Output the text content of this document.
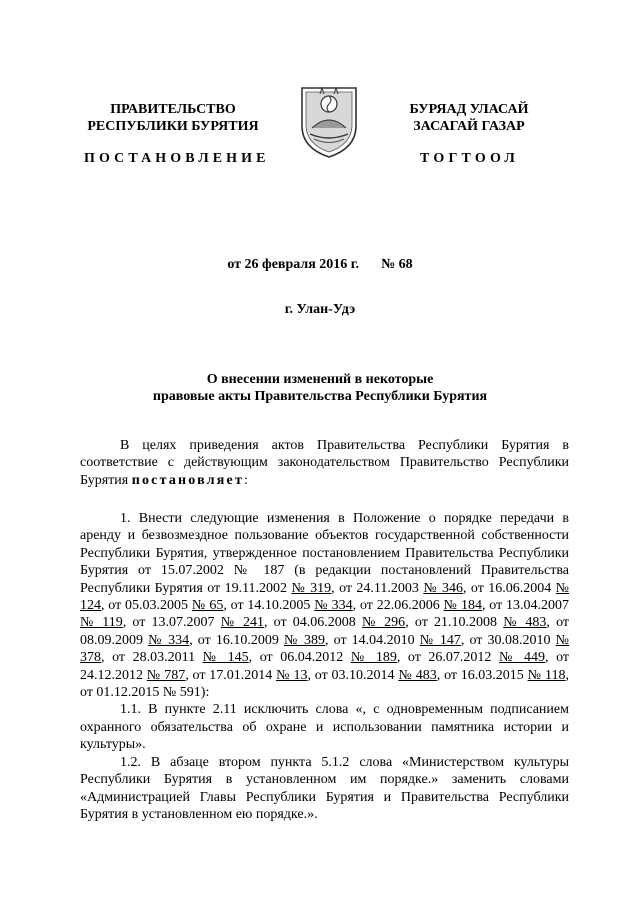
ПРАВИТЕЛЬСТВО
РЕСПУБЛИКИ БУРЯТИЯ
БУРЯАД УЛАСАЙ
ЗАСАГАЙ ГАЗАР
ПОСТАНОВЛЕНИЕ	ТОГТООЛ
от 26 февраля 2016 г. № 68
г. Улан-Удэ
О внесении изменений в некоторые
правовые акты Правительства Республики Бурятия

В целях приведения актов Правительства Республики Бурятия в соответствие с действующим законодательством Правительство Республики Бурятия постановляет:

1. Внести следующие изменения в Положение о порядке передачи в аренду и безвозмездное пользование объектов государственной собственности Республики Бурятия, утвержденное постановлением Правительства Республики Бурятия от 15.07.2002 № 187 (в редакции постановлений Правительства Республики Бурятия от 19.11.2002 № 319, от 24.11.2003 № 346, от 16.06.2004 № 124, от 05.03.2005 № 65, от 14.10.2005 № 334, от 22.06.2006 № 184, от 13.04.2007 № 119, от 13.07.2007 № 241, от 04.06.2008 № 296, от 21.10.2008 № 483, от 08.09.2009 № 334, от 16.10.2009 № 389, от 14.04.2010 № 147, от 30.08.2010 № 378, от 28.03.2011 № 145, от 06.04.2012 № 189, от 26.07.2012 № 449, от 24.12.2012 № 787, от 17.01.2014 № 13, от 03.10.2014 № 483, от 16.03.2015 № 118, от 01.12.2015 № 591):

1.1. В пункте 2.11 исключить слова «, с одновременным подписанием охранного обязательства об охране и использовании памятника истории и культуры».

1.2. В абзаце втором пункта 5.1.2 слова «Министерством культуры Республики Бурятия в установленном им порядке.» заменить словами «Администрацией Главы Республики Бурятия и Правительства Республики Бурятия в установленном ею порядке.».
